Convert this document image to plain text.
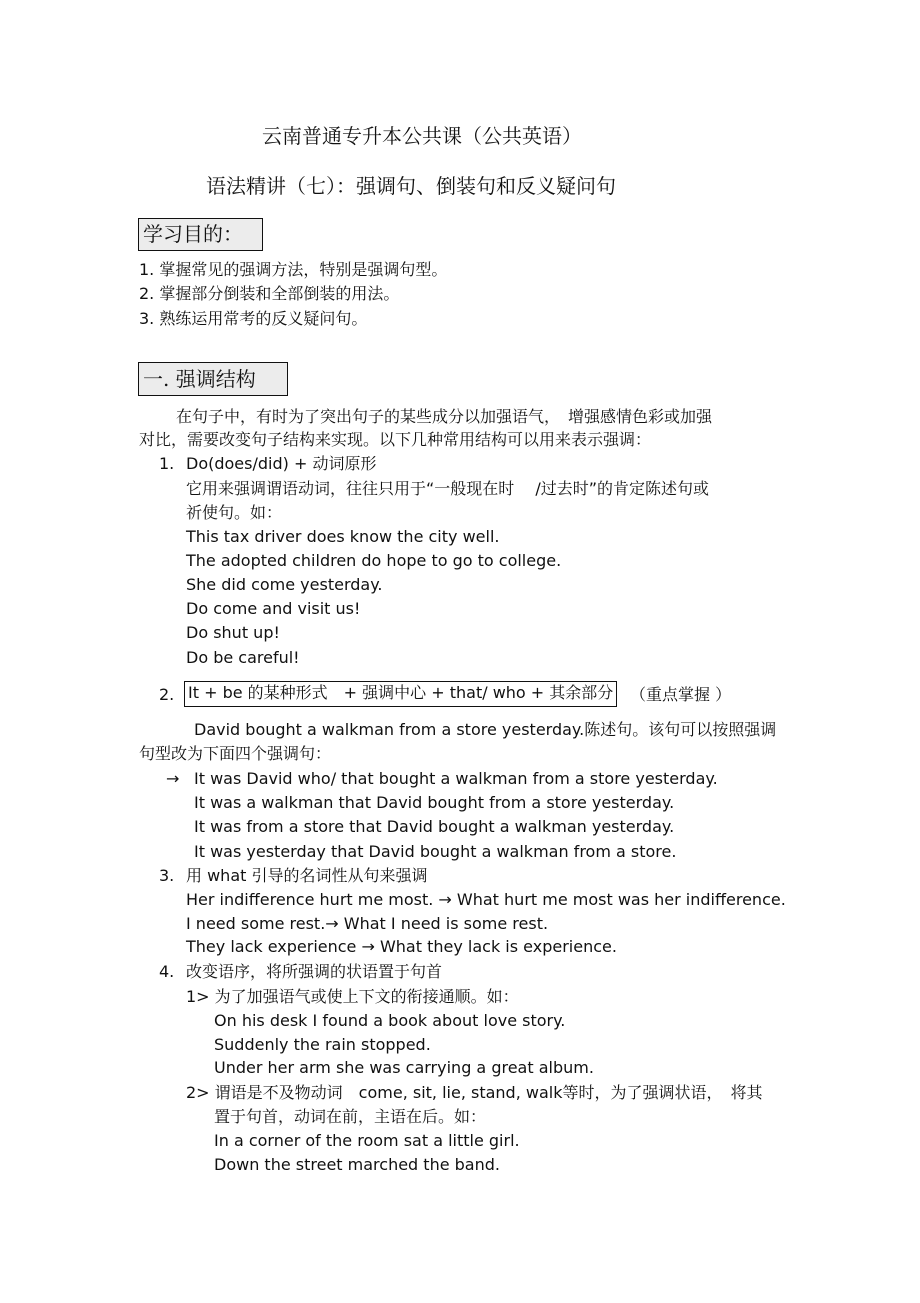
云南普通专升本公共课（公共英语）
语法精讲（七）：强调句、倒装句和反义疑问句
学习目的：
1. 掌握常见的强调方法，特别是强调句型。
2. 掌握部分倒装和全部倒装的用法。
3. 熟练运用常考的反义疑问句。
一. 强调结构
在句子中，有时为了突出句子的某些成分以加强语气，　增强感情色彩或加强
对比，需要改变句子结构来实现。以下几种常用结构可以用来表示强调：
1. Do(does/did) + 动词原形
它用来强调谓语动词，往往只用于“一般现在时　 /过去时”的肯定陈述句或
祈使句。如：
This tax driver does know the city well.
The adopted children do hope to go to college.
She did come yesterday.
Do come and visit us!
Do shut up!
Do be careful!
2. It + be 的某种形式　+ 强调中心 + that/ who + 其余部分 （重点掌握 ）
David bought a walkman from a store yesterday.陈述句。该句可以按照强调
句型改为下面四个强调句：
→ It was David who/ that bought a walkman from a store yesterday.
It was a walkman that David bought from a store yesterday.
It was from a store that David bought a walkman yesterday.
It was yesterday that David bought a walkman from a store.
3. 用 what 引导的名词性从句来强调
Her indifference hurt me most. → What hurt me most was her indifference.
I need some rest.→ What I need is some rest.
They lack experience → What they lack is experience.
4. 改变语序，将所强调的状语置于句首
1> 为了加强语气或使上下文的衔接通顺。如：
On his desk I found a book about love story.
Suddenly the rain stopped.
Under her arm she was carrying a great album.
2> 谓语是不及物动词　come, sit, lie, stand, walk等时，为了强调状语，　将其
置于句首，动词在前，主语在后。如：
In a corner of the room sat a little girl.
Down the street marched the band.
